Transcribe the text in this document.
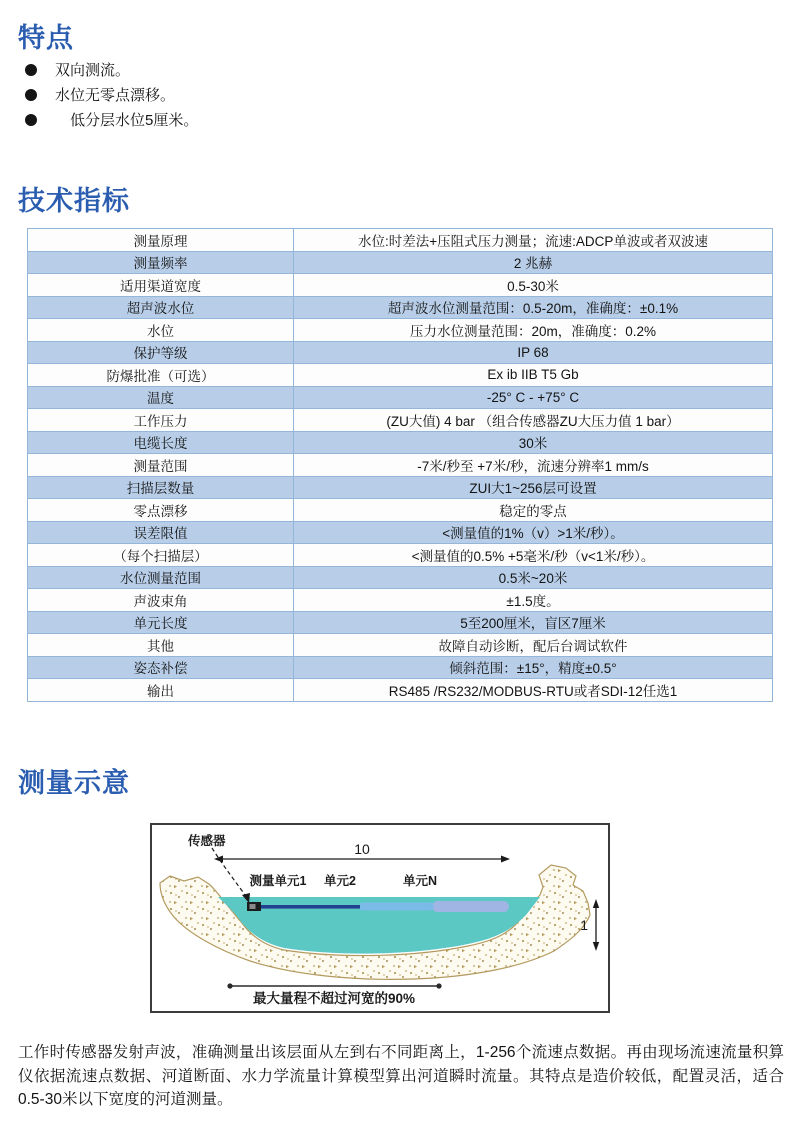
特点
双向测流。
水位无零点漂移。
低分层水位5厘米。
技术指标
测量原理	水位:时差法+压阻式压力测量；流速:ADCP单波或者双波速
测量频率	2 兆赫
适用渠道宽度	0.5-30米
超声波水位	超声波水位测量范围：0.5-20m，准确度：±0.1%
水位	压力水位测量范围：20m，准确度：0.2%
保护等级	IP 68
防爆批准（可选）	Ex ib IIB T5 Gb
温度	-25° C - +75° C
工作压力	(ZU大值) 4 bar （组合传感器ZU大压力值 1 bar）
电缆长度	30米
测量范围	-7米/秒至 +7米/秒，流速分辨率1 mm/s
扫描层数量	ZUI大1~256层可设置
零点漂移	稳定的零点
误差限值	<测量值的1%（v）>1米/秒）。
（每个扫描层）	<测量值的0.5% +5毫米/秒（v<1米/秒）。
水位测量范围	0.5米~20米
声波束角	±1.5度。
单元长度	5至200厘米，盲区7厘米
其他	故障自动诊断，配后台调试软件
姿态补偿	倾斜范围：±15°，精度±0.5°
输出	RS485 /RS232/MODBUS-RTU或者SDI-12任选1
测量示意
传感器	10
测量单元1 单元2	单元N
1
最大量程不超过河宽的90%

工作时传感器发射声波，准确测量出该层面从左到右不同距离上，1-256个流速点数据。再由现场流速流量积算仪依据流速点数据、河道断面、水力学流量计算模型算出河道瞬时流量。其特点是造价较低，配置灵活，适合0.5-30米以下宽度的河道测量。
